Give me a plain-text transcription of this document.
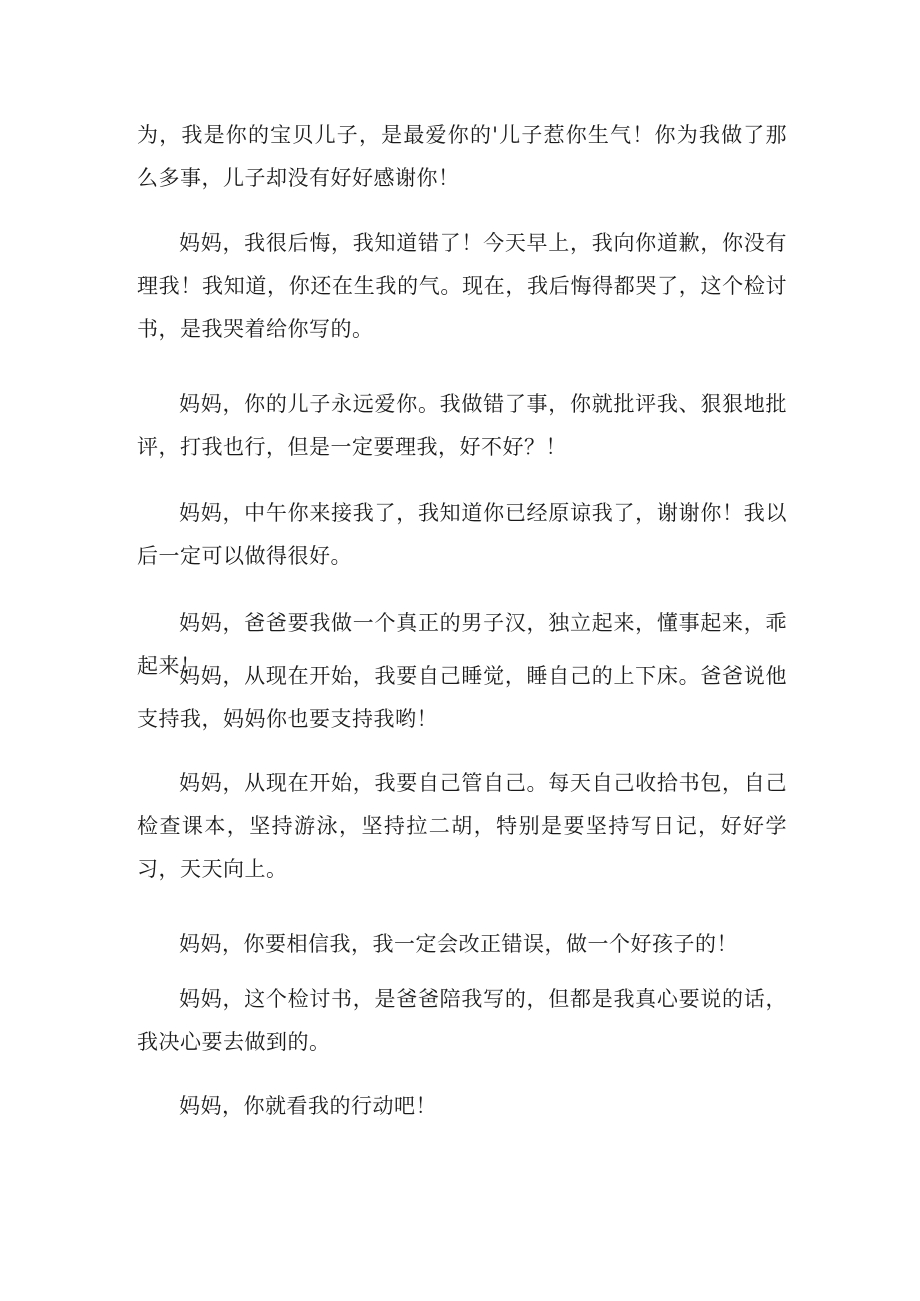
为，我是你的宝贝儿子，是最爱你的'儿子惹你生气！你为我做了那么多事，儿子却没有好好感谢你！

妈妈，我很后悔，我知道错了！今天早上，我向你道歉，你没有理我！我知道，你还在生我的气。现在，我后悔得都哭了，这个检讨书，是我哭着给你写的。

妈妈，你的儿子永远爱你。我做错了事，你就批评我、狠狠地批评，打我也行，但是一定要理我，好不好？！

妈妈，中午你来接我了，我知道你已经原谅我了，谢谢你！我以后一定可以做得很好。

妈妈，爸爸要我做一个真正的男子汉，独立起来，懂事起来，乖起来！

妈妈，从现在开始，我要自己睡觉，睡自己的上下床。爸爸说他支持我，妈妈你也要支持我哟！

妈妈，从现在开始，我要自己管自己。每天自己收拾书包，自己检查课本，坚持游泳，坚持拉二胡，特别是要坚持写日记，好好学习，天天向上。

妈妈，你要相信我，我一定会改正错误，做一个好孩子的！

妈妈，这个检讨书，是爸爸陪我写的，但都是我真心要说的话，我决心要去做到的。

妈妈，你就看我的行动吧！
